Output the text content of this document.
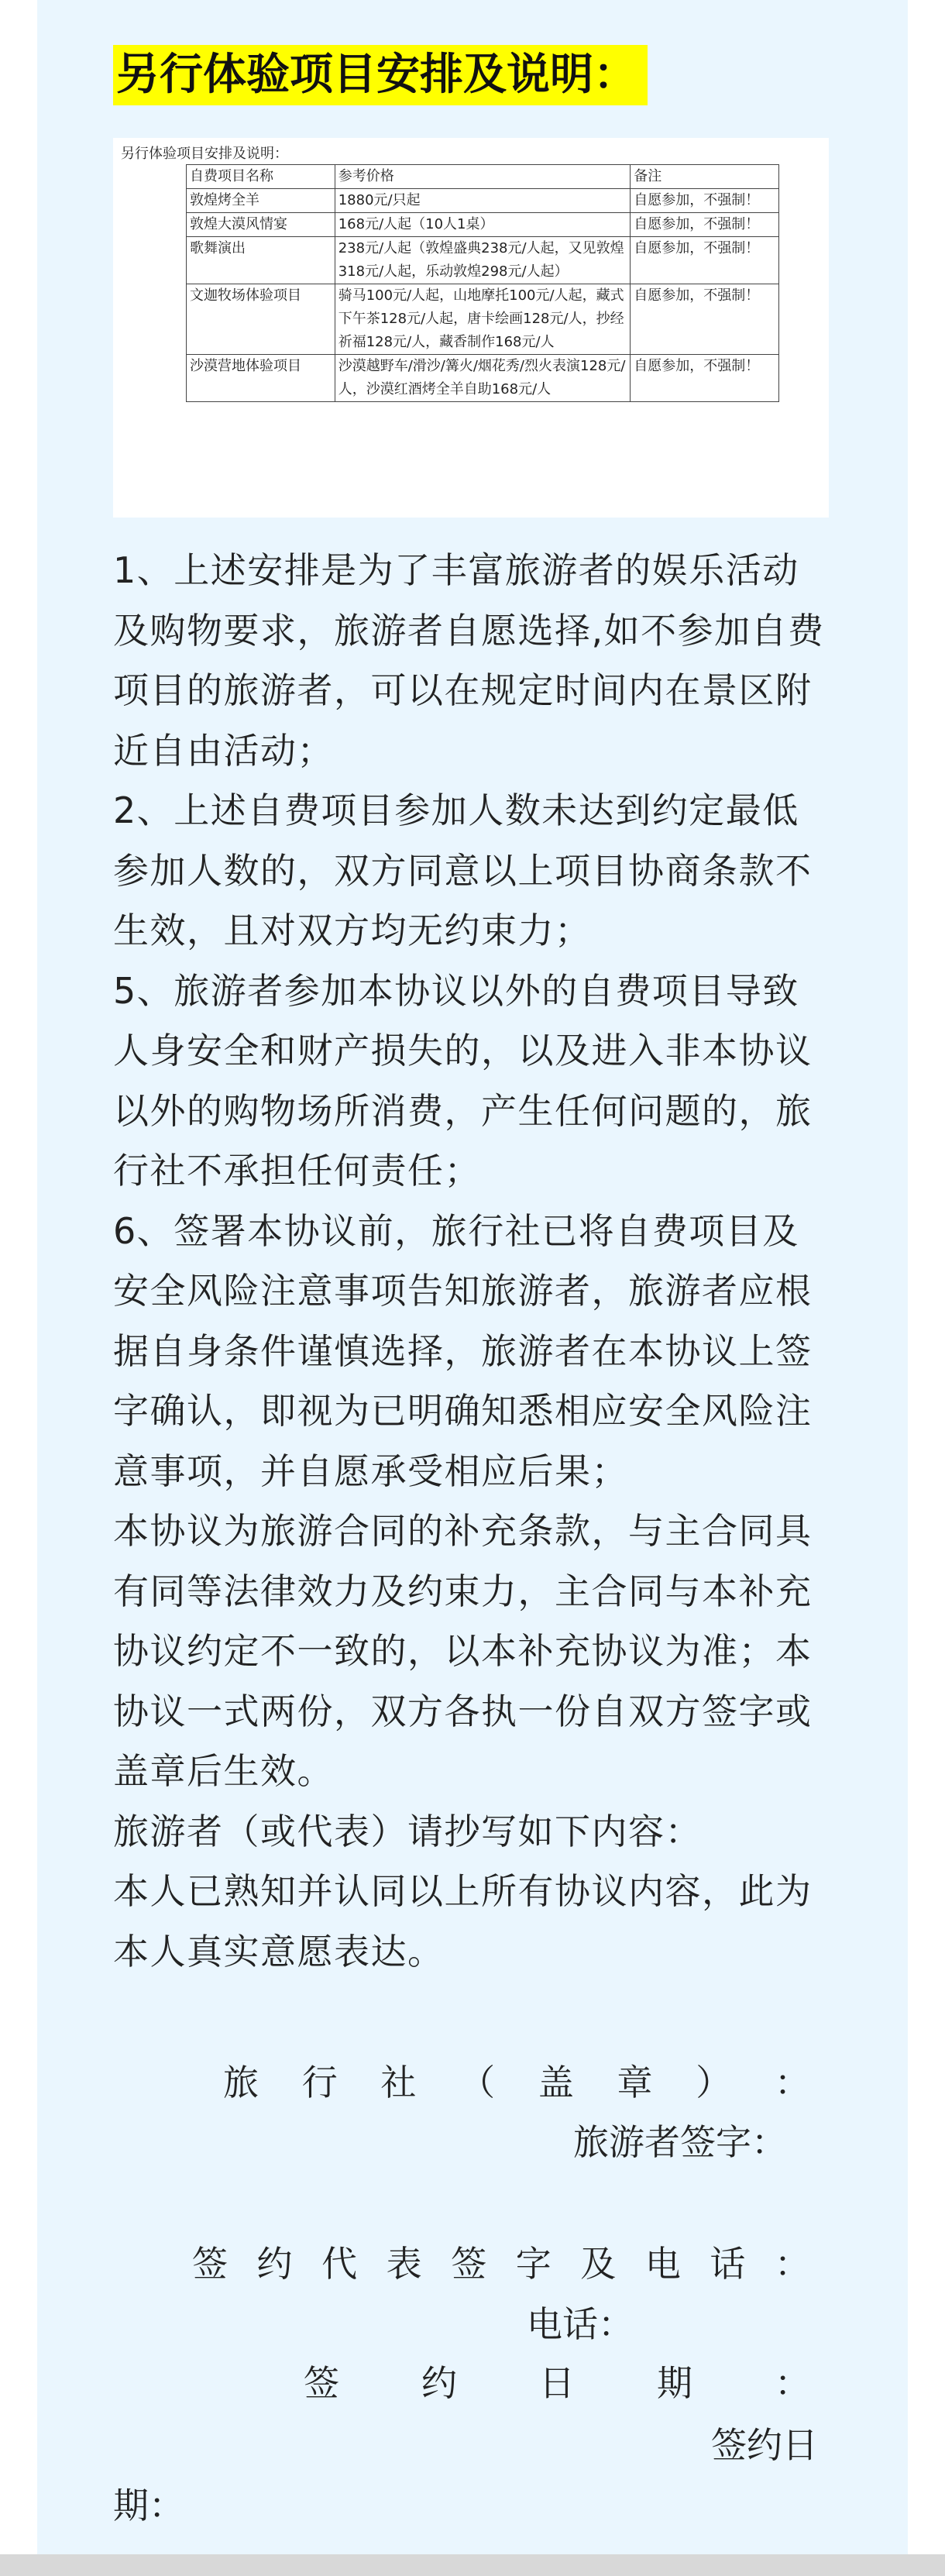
另行体验项目安排及说明：
另行体验项目安排及说明：
自费项目名称	参考价格	备注
敦煌烤全羊	1880元/只起	自愿参加，不强制！
敦煌大漠风情宴	168元/人起（10人1桌）	自愿参加，不强制！
歌舞演出	238元/人起（敦煌盛典238元/人起，又见敦煌318元/人起，乐动敦煌298元/人起）	自愿参加，不强制！
文迦牧场体验项目	骑马100元/人起，山地摩托100元/人起，藏式下午茶128元/人起，唐卡绘画128元/人，抄经祈福128元/人，藏香制作168元/人	自愿参加，不强制！
沙漠营地体验项目	沙漠越野车/滑沙/篝火/烟花秀/烈火表演128元/人，沙漠红酒烤全羊自助168元/人	自愿参加，不强制！

1、上述安排是为了丰富旅游者的娱乐活动及购物要求，旅游者自愿选择,如不参加自费项目的旅游者，可以在规定时间内在景区附近自由活动；

2、上述自费项目参加人数未达到约定最低参加人数的，双方同意以上项目协商条款不生效，且对双方均无约束力；

5、旅游者参加本协议以外的自费项目导致人身安全和财产损失的，以及进入非本协议以外的购物场所消费，产生任何问题的，旅行社不承担任何责任；

6、签署本协议前，旅行社已将自费项目及安全风险注意事项告知旅游者，旅游者应根据自身条件谨慎选择，旅游者在本协议上签字确认，即视为已明确知悉相应安全风险注意事项，并自愿承受相应后果；

本协议为旅游合同的补充条款，与主合同具有同等法律效力及约束力，主合同与本补充协议约定不一致的，以本补充协议为准；本协议一式两份，双方各执一份自双方签字或盖章后生效。

旅游者（或代表）请抄写如下内容：

本人已熟知并认同以上所有协议内容，此为本人真实意愿表达。

旅 行 社 （ 盖 章 ） ：
旅游者签字：
签 约 代 表 签 字 及 电 话 ：
电话：
签 约 日 期 ：
签约日
期：
